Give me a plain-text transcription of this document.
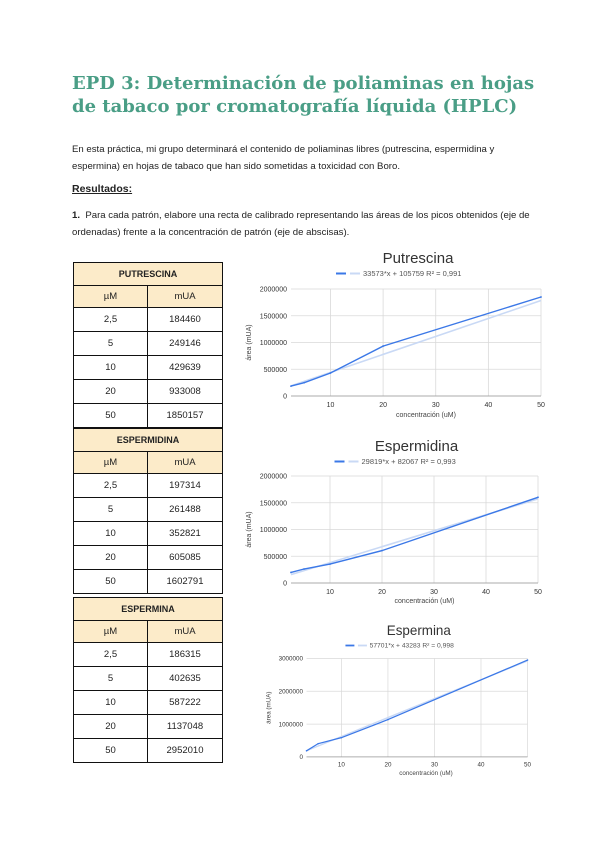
EPD 3: Determinación de poliaminas en hojas de tabaco por cromatografía líquida (HPLC)

En esta práctica, mi grupo determinará el contenido de poliaminas libres (putrescina, espermidina y espermina) en hojas de tabaco que han sido sometidas a toxicidad con Boro.

Resultados:

1. Para cada patrón, elabore una recta de calibrado representando las áreas de los picos obtenidos (eje de ordenadas) frente a la concentración de patrón (eje de abscisas).

PUTRESCINA	
µM	mUA
2,5	184460
5	249146
10	429639
20	933008
50	1850157
ESPERMIDINA	
µM	mUA
2,5	197314
5	261488
10	352821
20	605085
50	1602791
ESPERMINA	
µM	mUA
2,5	186315
5	402635
10	587222
20	1137048
50	2952010
Putrescina
33573*x + 105759 R² = 0,991
0
500000
1000000
1500000
2000000
10	20	30	40	50
concentración (uM)
área (mUA)
Espermidina
29819*x + 82067 R² = 0,993
0
500000
1000000
1500000
2000000
10	20	30	40	50
concentración (uM)
área (mUA)
Espermina
57701*x + 43283 R² = 0,998
0
1000000
2000000
3000000
10	20	30	40	50
concentración (uM)
área (mUA)
